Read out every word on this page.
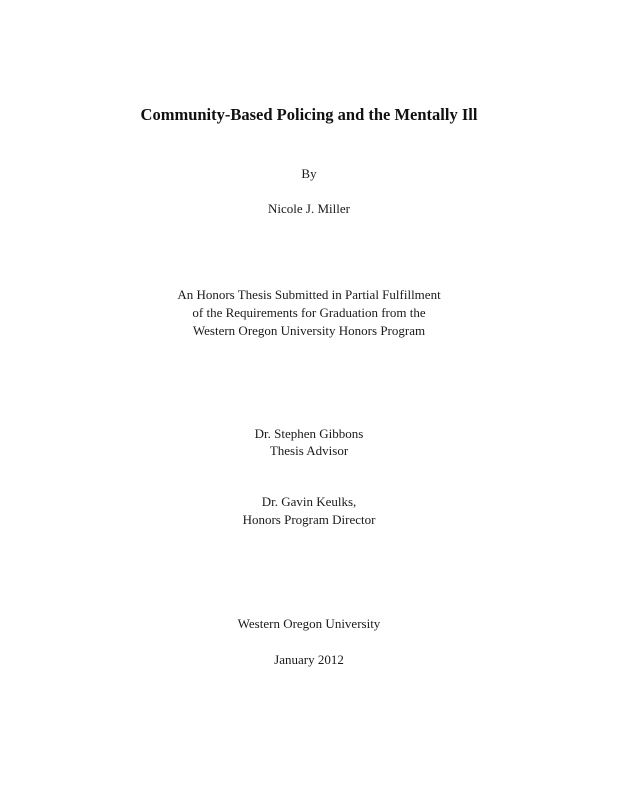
Community-Based Policing and the Mentally Ill
By
Nicole J. Miller
An Honors Thesis Submitted in Partial Fulfillment
of the Requirements for Graduation from the
Western Oregon University Honors Program
Dr. Stephen Gibbons
Thesis Advisor
Dr. Gavin Keulks,
Honors Program Director
Western Oregon University
January 2012
